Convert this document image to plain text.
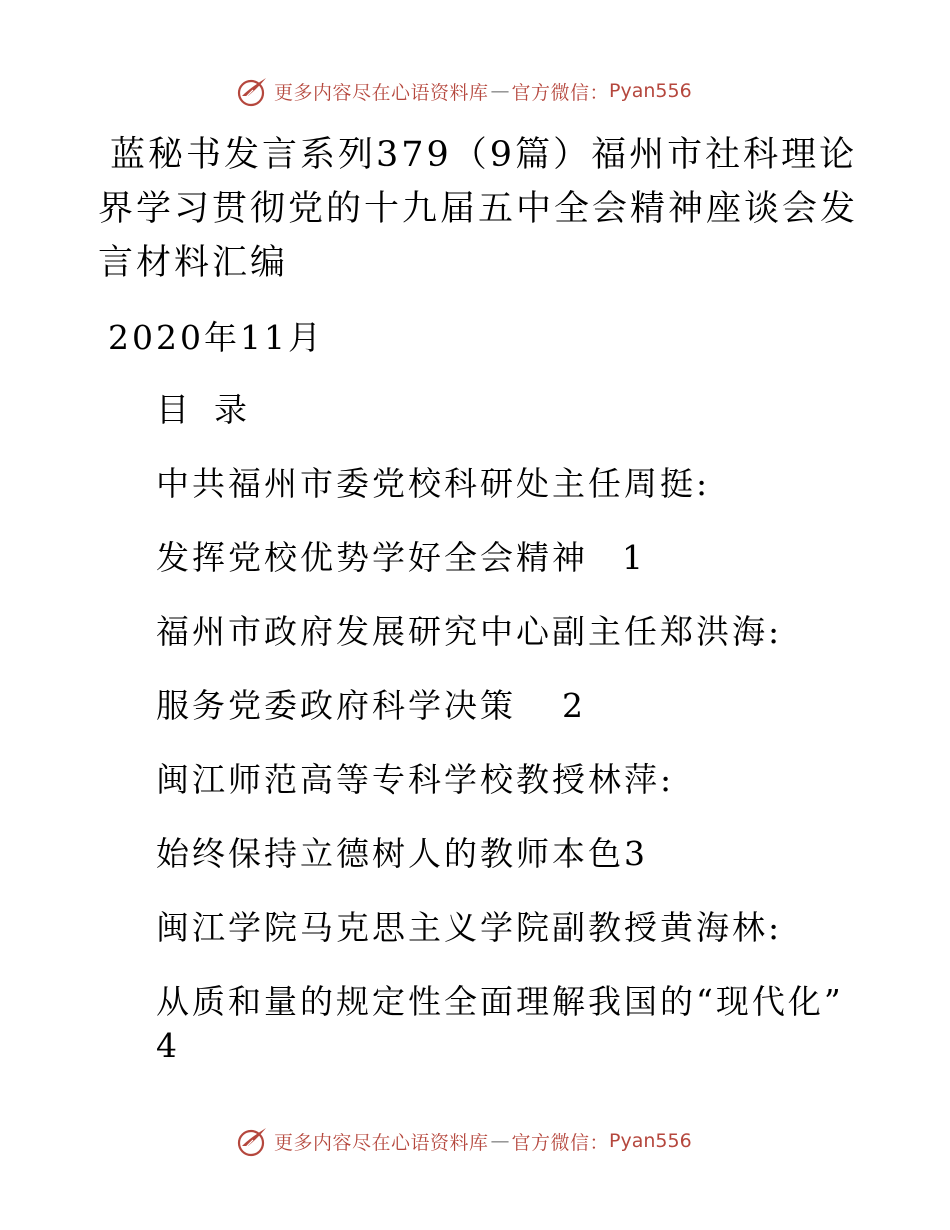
更多内容尽在心语资料库 — 官方微信： Pyan556
蓝秘书发言系列379（9篇）福州市社科理论界学习贯彻党的十九届五中全会精神座谈会发言材料汇编
2020年11月
目 录
中共福州市委党校科研处主任周挺:
发挥党校优势学好全会精神 1
福州市政府发展研究中心副主任郑洪海:
服务党委政府科学决策 2
闽江师范高等专科学校教授林萍:
始终保持立德树人的教师本色3
闽江学院马克思主义学院副教授黄海林:
从质和量的规定性全面理解我国的“现代化”
4
更多内容尽在心语资料库 — 官方微信： Pyan556
